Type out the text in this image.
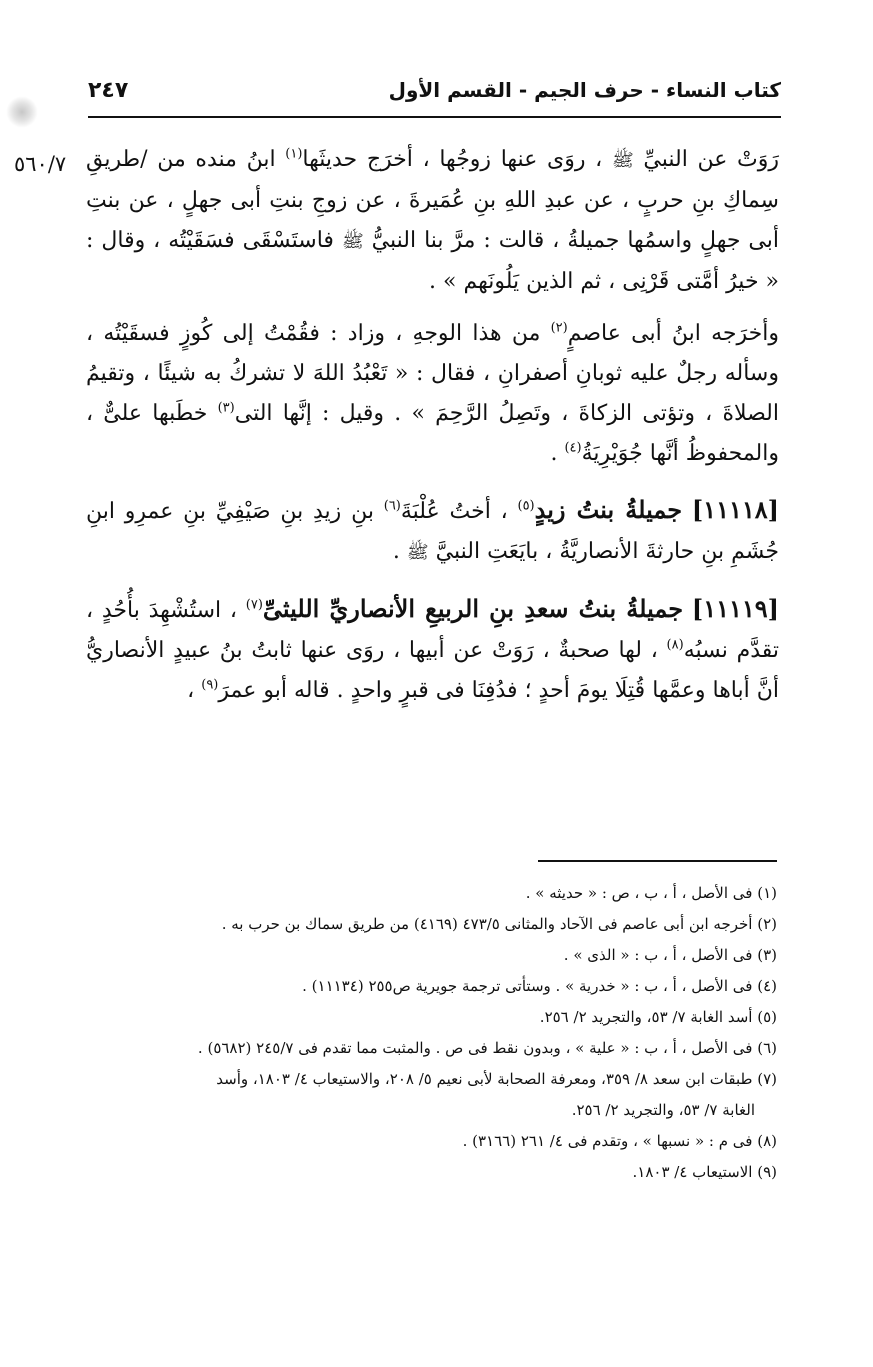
كتاب النساء - حرف الجيم - القسم الأول
٢٤٧
٥٦٠/٧	رَوَتْ عن النبيِّ ﷺ ، روَى عنها زوجُها ، أخرَج حديثَها$^{(١)}$ ابنُ منده من /طريقِ سِماكِ بنِ حربٍ ، عن عبدِ اللهِ بنِ عُمَيرةَ ، عن زوجِ بنتِ أبى جهلٍ ، عن بنتِ أبى جهلٍ واسمُها جميلةُ ، قالت : مرَّ بنا النبيُّ ﷺ فاستَسْقَى فسَقَيْتُه ، وقال : « خيرُ أمَّتى قَرْنِى ، ثم الذين يَلُونَهم » .

وأخرَجه ابنُ أبى عاصمٍ$^{(٢)}$ من هذا الوجهِ ، وزاد : فقُمْتُ إلى كُوزٍ فسقَيْتُه ، وسأله رجلٌ عليه ثوبانِ أصفرانِ ، فقال : « تَعْبُدُ اللهَ لا تشركُ به شيئًا ، وتقيمُ الصلاةَ ، وتؤتى الزكاةَ ، وتَصِلُ الرَّحِمَ » . وقيل : إنَّها التى$^{(٣)}$ خطَبها علىٌّ ، والمحفوظُ أنَّها جُوَيْرِيَةُ$^{(٤)}$ .

[١١١١٨] جميلةُ بنتُ زيدٍ$^{(٥)}$ ، أختُ عُلْبَةَ$^{(٦)}$ بنِ زيدِ بنِ صَيْفِيِّ بنِ عمرِو ابنِ جُشَمِ بنِ حارثةَ الأنصاريَّةُ ، بايَعَتِ النبيَّ ﷺ .

[١١١١٩] جميلةُ بنتُ سعدِ بنِ الربيعِ الأنصاريِّ الليثىِّ$^{(٧)}$ ، استُشْهِدَ بأُحُدٍ ، تقدَّم نسبُه$^{(٨)}$ ، لها صحبةٌ ، رَوَتْ عن أبيها ، روَى عنها ثابتُ بنُ عبيدٍ الأنصاريُّ أنَّ أباها وعمَّها قُتِلَا يومَ أحدٍ ؛ فدُفِنَا فى قبرٍ واحدٍ . قاله أبو عمرَ$^{(٩)}$ ،

(١) فى الأصل ، أ ، ب ، ص : « حديثه » .

(٢) أخرجه ابن أبى عاصم فى الآحاد والمثانى ٤٧٣/٥ (٤١٦٩) من طريق سماك بن حرب به .

(٣) فى الأصل ، أ ، ب : « الذى » .

(٤) فى الأصل ، أ ، ب : « خدرية » . وستأتى ترجمة جويرية ص٢٥٥ (١١١٣٤) .

(٥) أسد الغابة ٧/ ٥٣، والتجريد ٢/ ٢٥٦.

(٦) فى الأصل ، أ ، ب : « علية » ، وبدون نقط فى ص . والمثبت مما تقدم فى ٢٤٥/٧ (٥٦٨٢) .

(٧) طبقات ابن سعد ٨/ ٣٥٩، ومعرفة الصحابة لأبى نعيم ٥/ ٢٠٨، والاستيعاب ٤/ ١٨٠٣، وأسد

الغابة ٧/ ٥٣، والتجريد ٢/ ٢٥٦.

(٨) فى م : « نسبها » ، وتقدم فى ٤/ ٢٦١ (٣١٦٦) .

(٩) الاستيعاب ٤/ ١٨٠٣.
